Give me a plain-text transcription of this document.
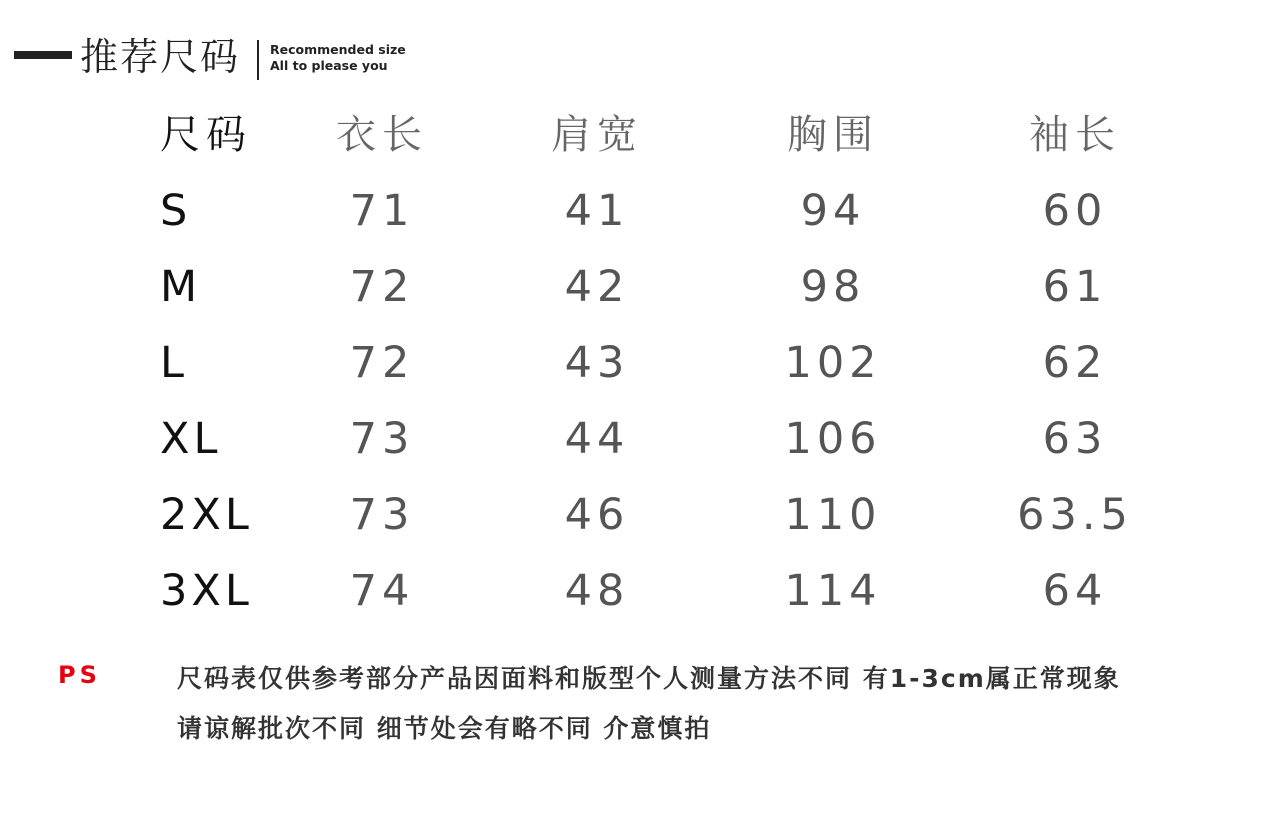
推荐尺码 Recommended size
All to please you
尺码 衣长	肩宽	胸围	袖长
S	71	41	94	60
M	72	42	98	61
L	72	43	102	62
XL	73	44	106	63
2XL 73	46	110	63.5
3XL 74	48	114	64
PS	尺码表仅供参考部分产品因面料和版型个人测量方法不同 有1-3cm属正常现象
请谅解批次不同 细节处会有略不同 介意慎拍
